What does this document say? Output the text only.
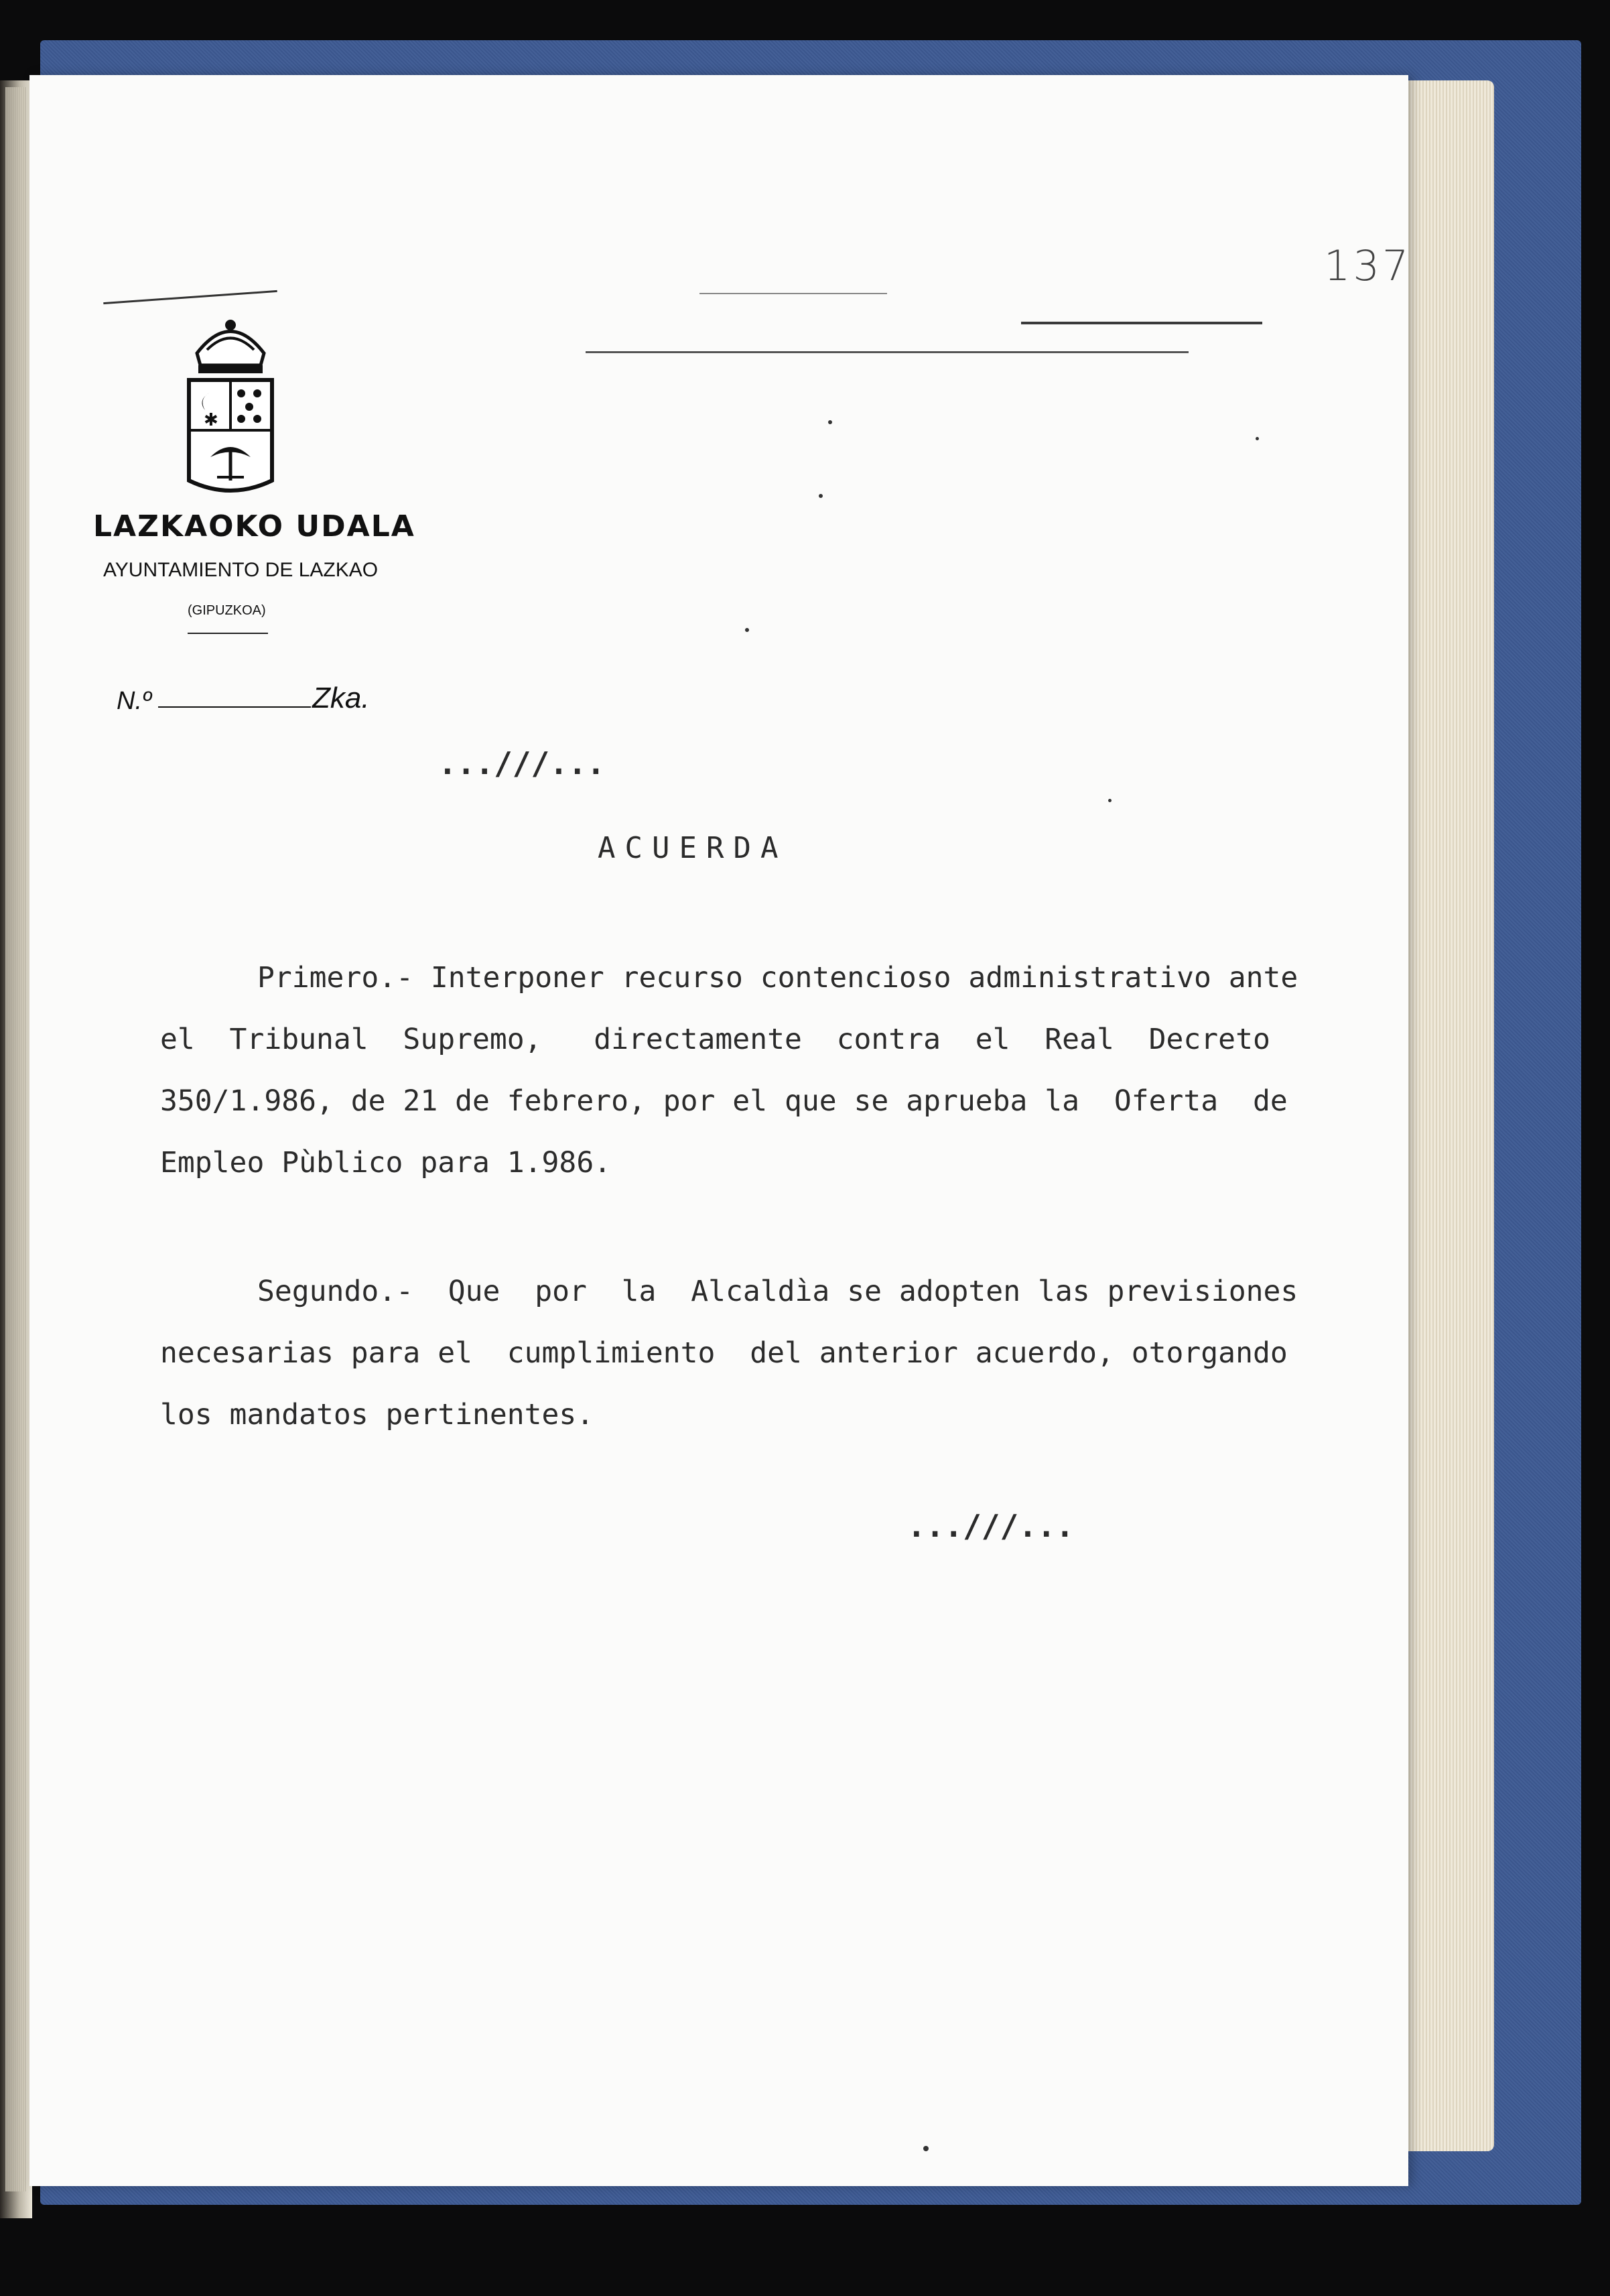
137
✱
LAZKAOKO UDALA
AYUNTAMIENTO DE LAZKAO
(GIPUZKOA)
N.º	Zka.
...///...
ACUERDA
Primero.- Interponer recurso contencioso administrativo ante
el  Tribunal  Supremo,   directamente  contra  el  Real  Decreto
350/1.986, de 21 de febrero, por el que se aprueba la  Oferta  de
Empleo Pùblico para 1.986.
Segundo.-  Que  por  la  Alcaldìa se adopten las previsiones
necesarias para el  cumplimiento  del anterior acuerdo, otorgando
los mandatos pertinentes.
...///...
